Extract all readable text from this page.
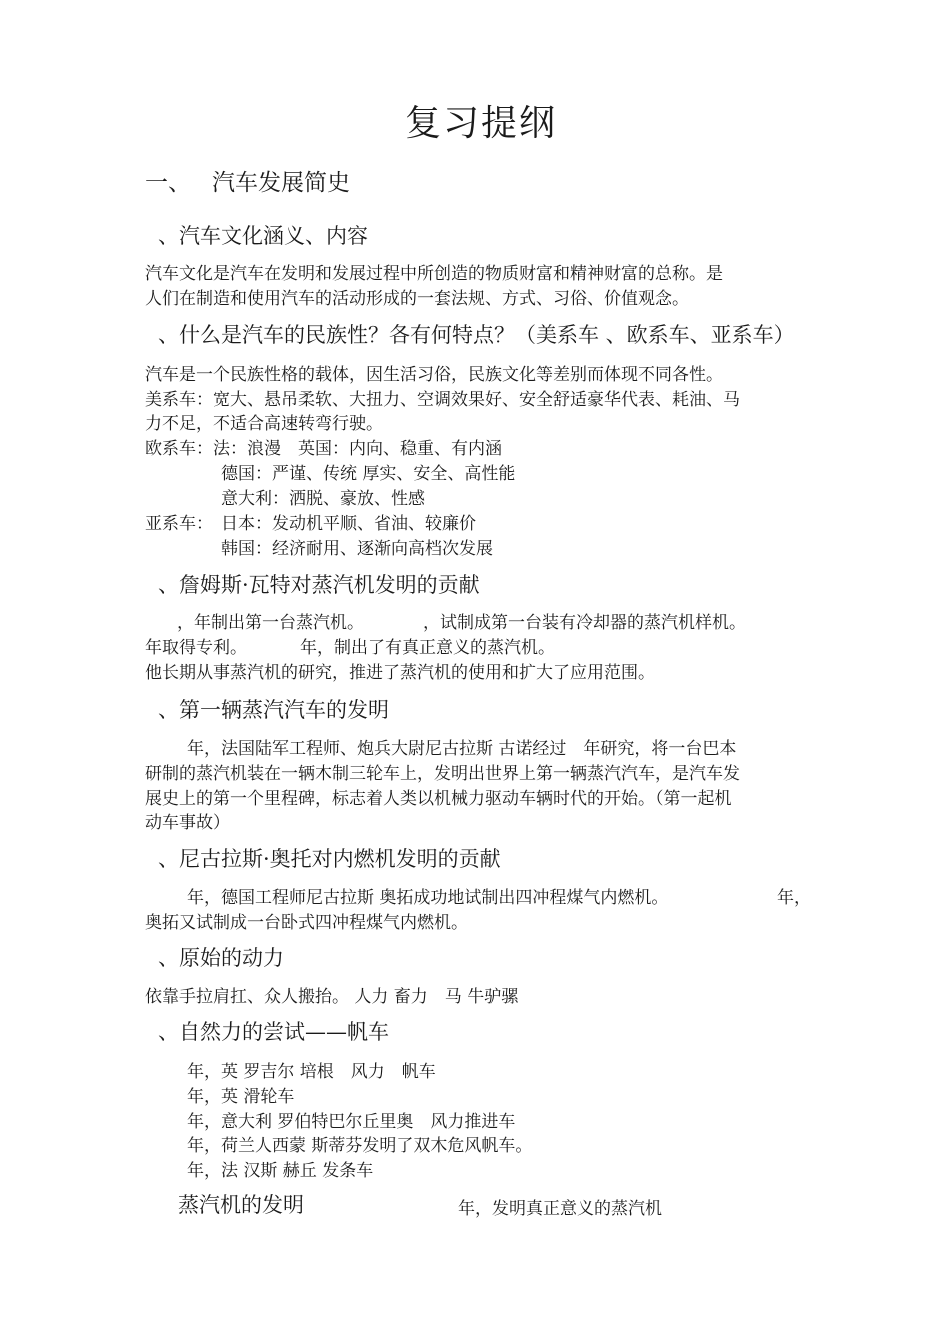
复习提纲
一、 汽车发展简史
、汽车文化涵义、内容
汽车文化是汽车在发明和发展过程中所创造的物质财富和精神财富的总称。是
人们在制造和使用汽车的活动形成的一套法规、方式、习俗、价值观念。
、什么是汽车的民族性？各有何特点？（美系车 、欧系车、亚系车）
汽车是一个民族性格的载体，因生活习俗，民族文化等差别而体现不同各性。
美系车：宽大、悬吊柔软、大扭力、空调效果好、安全舒适豪华代表、耗油、马
力不足，不适合高速转弯行驶。
欧系车： 法：浪漫　英国：内向、稳重、有内涵
德国：严谨、传统 厚实、安全、高性能
意大利：洒脱、豪放、性感
亚系车： 日本：发动机平顺、省油、较廉价
韩国：经济耐用、逐渐向高档次发展
、詹姆斯·瓦特对蒸汽机发明的贡献
，年制出第一台蒸汽机。	，试制成第一台装有冷却器的蒸汽机样机。
年取得专利。	年，制出了有真正意义的蒸汽机。
他长期从事蒸汽机的研究，推进了蒸汽机的使用和扩大了应用范围。
、第一辆蒸汽汽车的发明
年，法国陆军工程师、炮兵大尉尼古拉斯 古诺经过　年研究，将一台巴本
研制的蒸汽机装在一辆木制三轮车上，发明出世界上第一辆蒸汽汽车，是汽车发
展史上的第一个里程碑，标志着人类以机械力驱动车辆时代的开始。（第一起机
动车事故）
、尼古拉斯·奥托对内燃机发明的贡献
年，德国工程师尼古拉斯 奥拓成功地试制出四冲程煤气内燃机。	年，
奥拓又试制成一台卧式四冲程煤气内燃机。
、原始的动力
依靠手拉肩扛、众人搬抬。 人力 畜力　马 牛驴骡
、自然力的尝试——帆车
年，英 罗吉尔 培根　风力　帆车
年，英 滑轮车
年，意大利 罗伯特巴尔丘里奥　风力推进车
年，荷兰人西蒙 斯蒂芬发明了双木危风帆车。
年，法 汉斯 赫丘 发条车
蒸汽机的发明	年，发明真正意义的蒸汽机
